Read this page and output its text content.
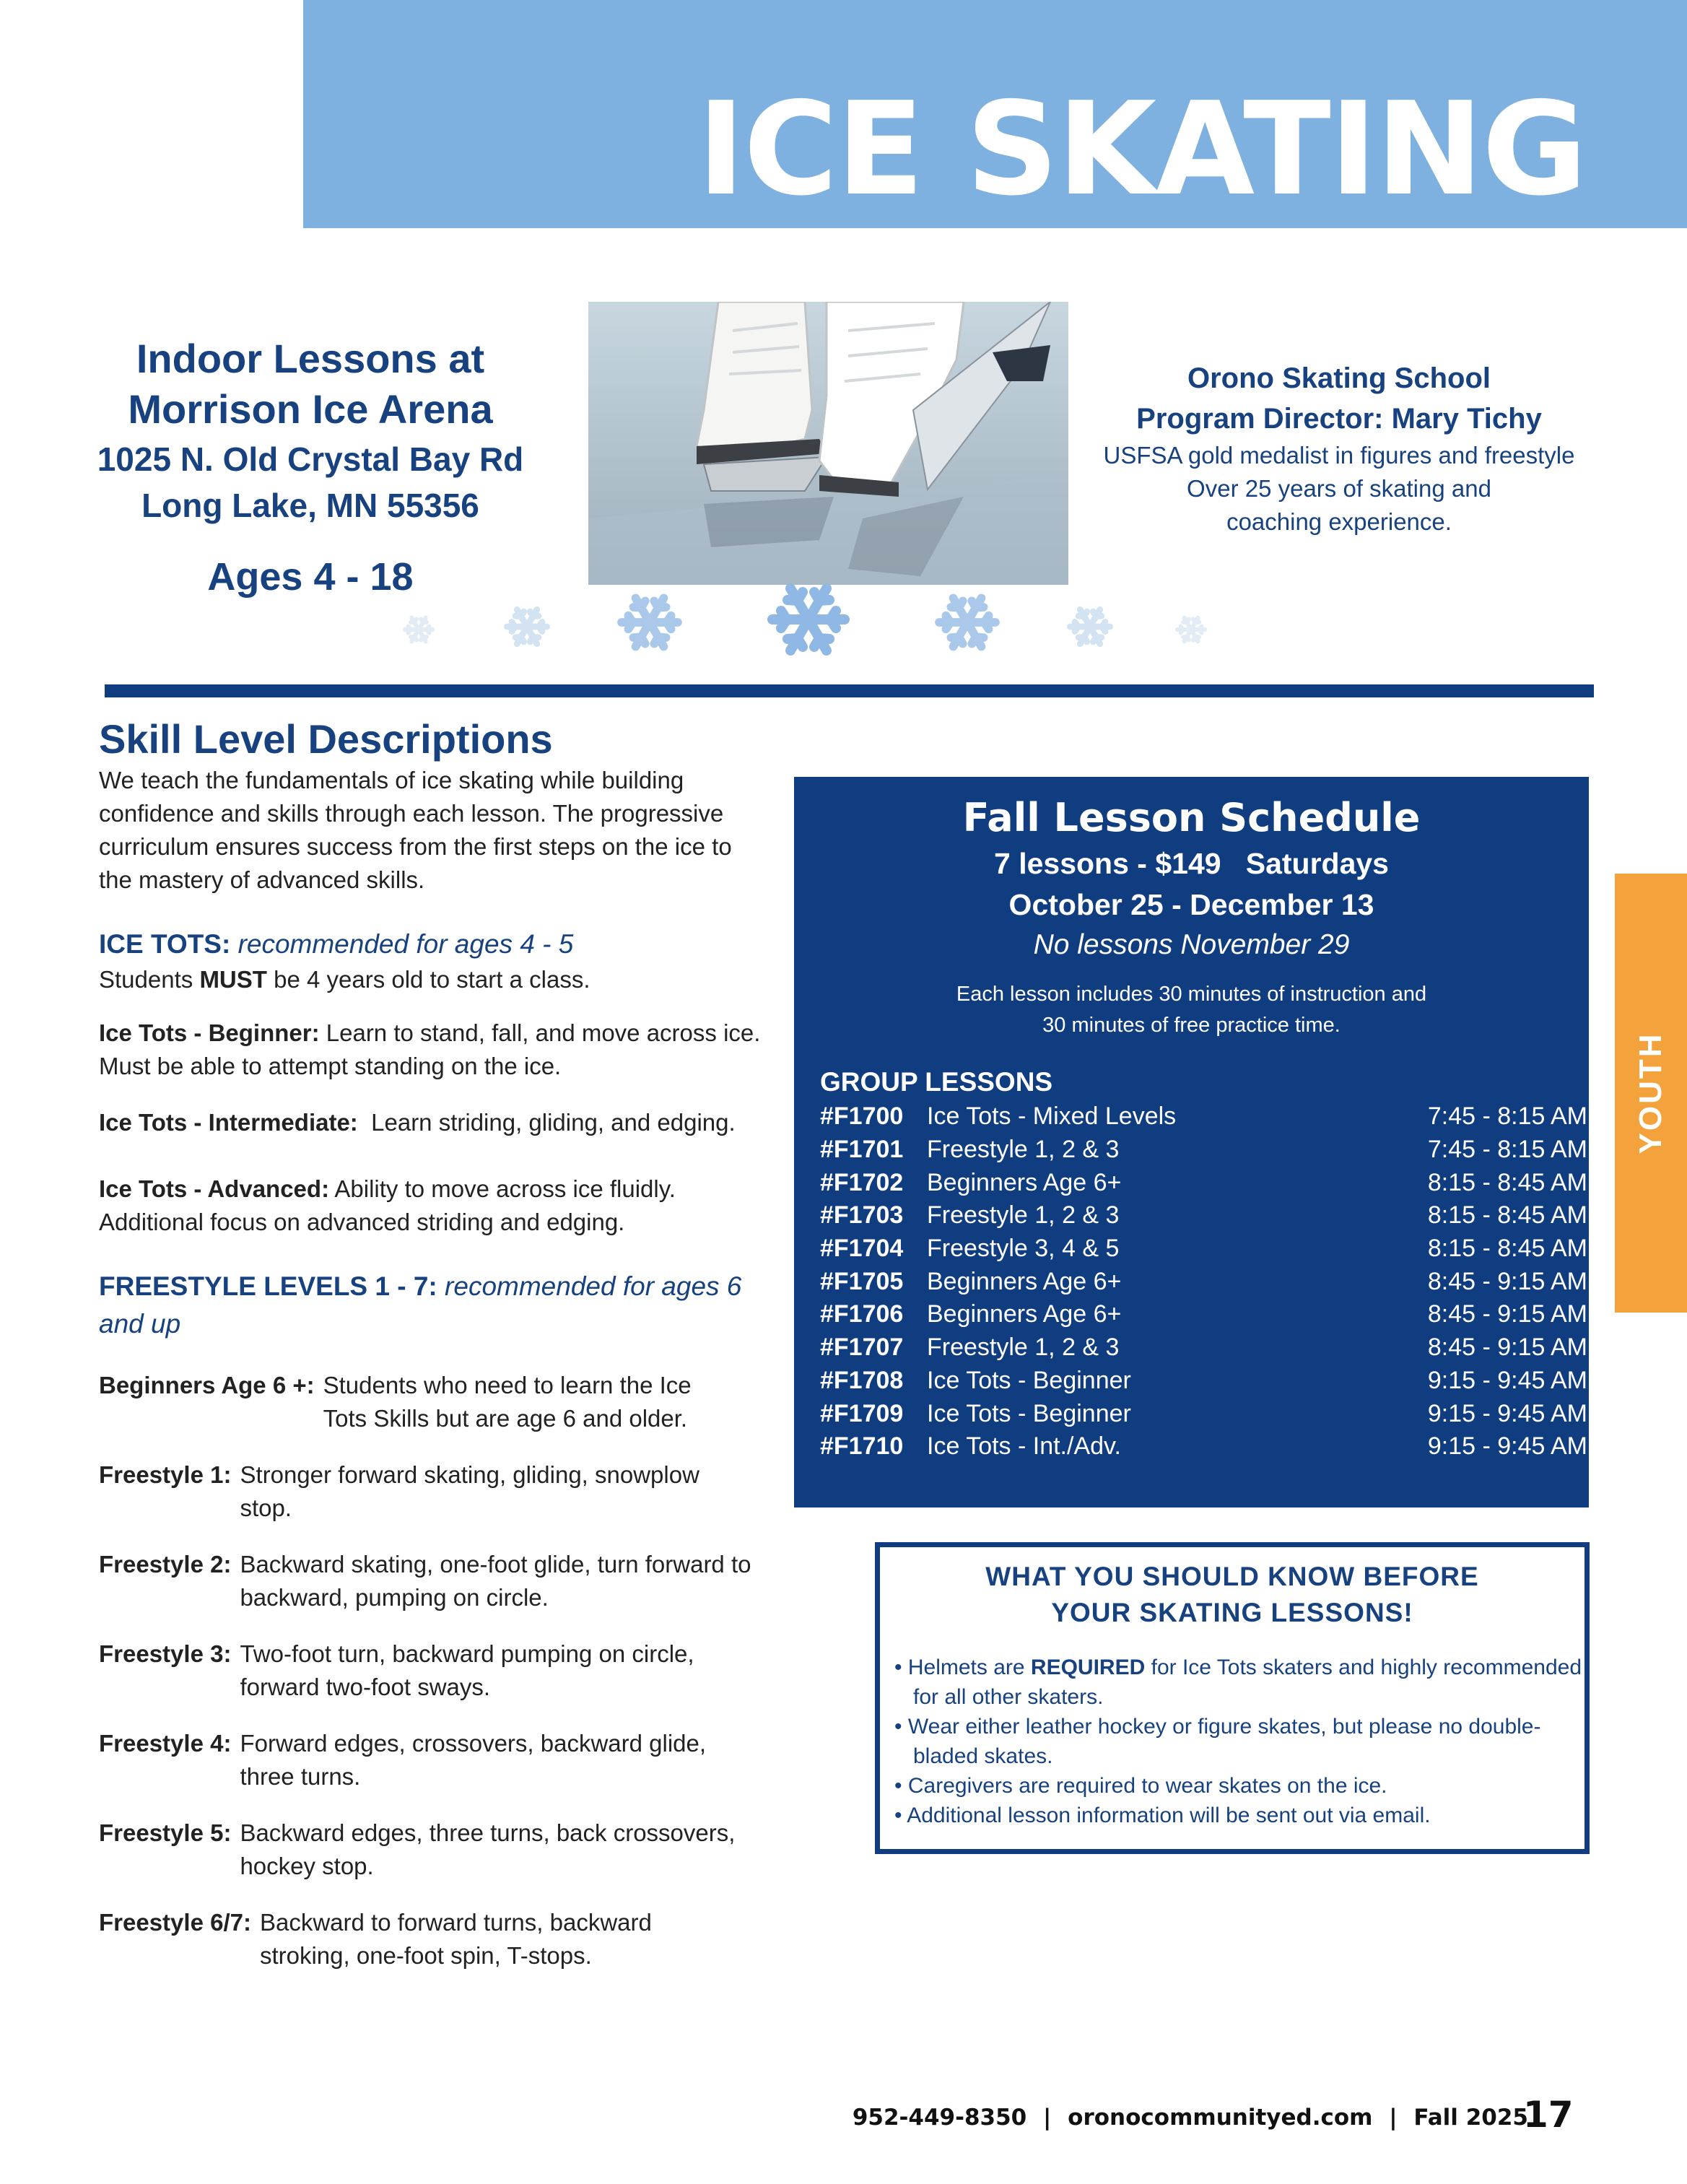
ICE SKATING
Indoor Lessons at
Morrison Ice Arena
1025 N. Old Crystal Bay Rd
Long Lake, MN 55356
Ages 4 - 18
Orono Skating School
Program Director: Mary Tichy
USFSA gold medalist in figures and freestyle
Over 25 years of skating and
coaching experience.
Skill Level Descriptions

We teach the fundamentals of ice skating while building confidence and skills through each lesson. The progressive curriculum ensures success from the first steps on the ice to the mastery of advanced skills.

ICE TOTS: recommended for ages 4 - 5

Students MUST be 4 years old to start a class.

Ice Tots - Beginner: Learn to stand, fall, and move across ice. Must be able to attempt standing on the ice.

Ice Tots - Intermediate:  Learn striding, gliding, and edging.

Ice Tots - Advanced: Ability to move across ice fluidly. Additional focus on advanced striding and edging.

FREESTYLE LEVELS 1 - 7: recommended for ages 6 and up
Beginners Age 6 +: Students who need to learn the Ice Tots Skills but are age 6 and older.
Freestyle 1: Stronger forward skating, gliding, snowplow stop.
Freestyle 2: Backward skating, one-foot glide, turn forward to backward, pumping on circle.
Freestyle 3: Two-foot turn, backward pumping on circle, forward two-foot sways.
Freestyle 4: Forward edges, crossovers, backward glide, three turns.
Freestyle 5: Backward edges, three turns, back crossovers, hockey stop.
Freestyle 6/7: Backward to forward turns, backward stroking, one-foot spin, T-stops.
Fall Lesson Schedule
7 lessons - $149   Saturdays
October 25 - December 13
No lessons November 29
Each lesson includes 30 minutes of instruction and
30 minutes of free practice time.
GROUP LESSONS
#F1700	Ice Tots - Mixed Levels	7:45 - 8:15 AM
#F1701	Freestyle 1, 2 & 3	7:45 - 8:15 AM
#F1702	Beginners Age 6+	8:15 - 8:45 AM
#F1703	Freestyle 1, 2 & 3	8:15 - 8:45 AM
#F1704	Freestyle 3, 4 & 5	8:15 - 8:45 AM
#F1705	Beginners Age 6+	8:45 - 9:15 AM
#F1706	Beginners Age 6+	8:45 - 9:15 AM
#F1707	Freestyle 1, 2 & 3	8:45 - 9:15 AM
#F1708	Ice Tots - Beginner	9:15 - 9:45 AM
#F1709	Ice Tots - Beginner	9:15 - 9:45 AM
#F1710	Ice Tots - Int./Adv.	9:15 - 9:45 AM
YOUTH
WHAT YOU SHOULD KNOW BEFORE
YOUR SKATING LESSONS!
• Helmets are REQUIRED for Ice Tots skaters and highly recommended for all other skaters.
• Wear either leather hockey or figure skates, but please no double-bladed skates.
• Caregivers are required to wear skates on the ice.
• Additional lesson information will be sent out via email.
952-449-8350 | oronocommunityed.com | Fall 2025
17
